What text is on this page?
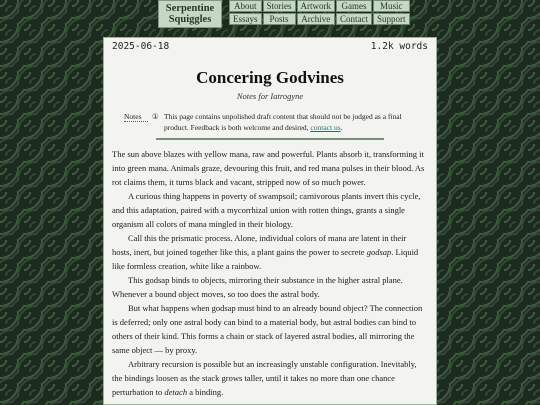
Serpentine
Squiggles
About	Stories	Artwork	Games	Music
Essays	Posts	Archive	Contact	Support
2025-06-18	1.2k words
Concering Godvines
Notes for Iatrogyne
Notes	① This page contains unpolished draft content that should not be judged as a final product. Feedback is both welcome and desired, contact us.

The sun above blazes with yellow mana, raw and powerful. Plants absorb it, transforming it into green mana. Animals graze, devouring this fruit, and red mana pulses in their blood. As rot claims them, it turns black and vacant, stripped now of so much power.

A curious thing happens in poverty of swampsoil; carnivorous plants invert this cycle, and this adaptation, paired with a mycorrhizal union with rotten things, grants a single organism all colors of mana mingled in their biology.

Call this the prismatic process. Alone, individual colors of mana are latent in their hosts, inert, but joined together like this, a plant gains the power to secrete godsap. Liquid like formless creation, white like a rainbow.

This godsap binds to objects, mirroring their substance in the higher astral plane. Whenever a bound object moves, so too does the astral body.

But what happens when godsap must bind to an already bound object? The connection is deferred; only one astral body can bind to a material body, but astral bodies can bind to others of their kind. This forms a chain or stack of layered astral bodies, all mirroring the same object — by proxy.

Arbitrary recursion is possible but an increasingly unstable configuration. Inevitably, the bindings loosen as the stack grows taller, until it takes no more than one chance perturbation to detach a binding.
